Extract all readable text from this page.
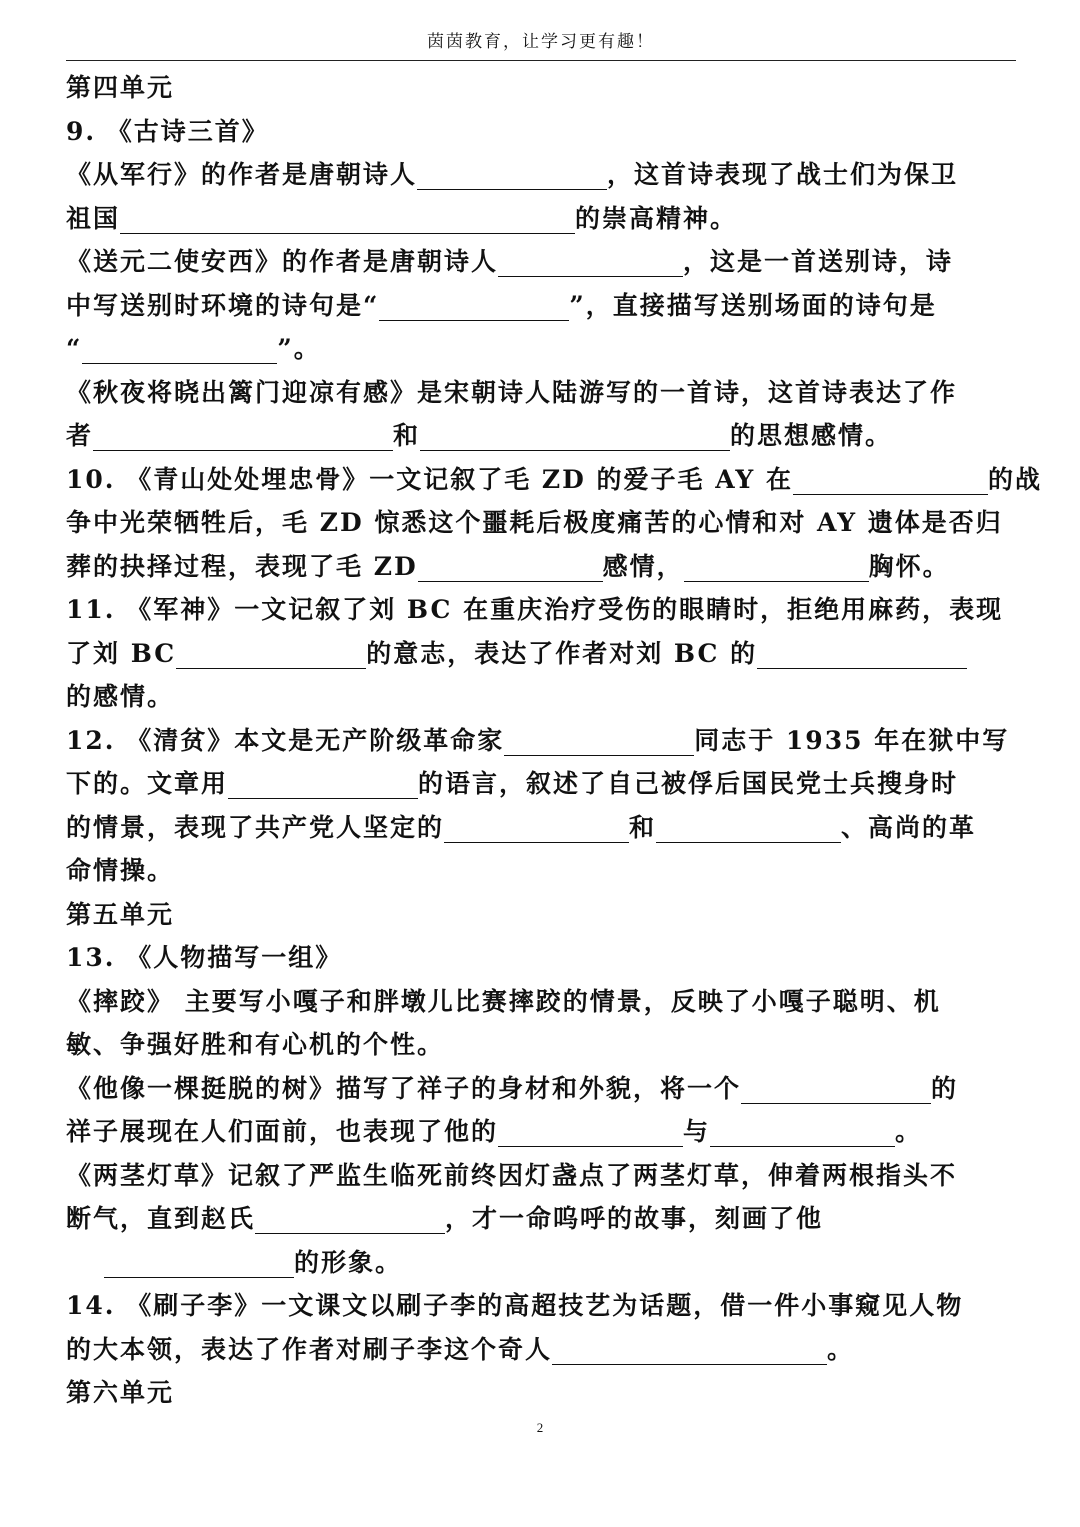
茵茵教育，让学习更有趣！

第四单元

9. 《古诗三首》

《从军行》的作者是唐朝诗人	，这首诗表现了战士们为保卫

祖国	的崇高精神。

《送元二使安西》的作者是唐朝诗人	，这是一首送别诗，诗

中写送别时环境的诗句是“	”，直接描写送别场面的诗句是

“	”。

《秋夜将晓出篱门迎凉有感》是宋朝诗人陆游写的一首诗，这首诗表达了作

者	和	的思想感情。

10. 《青山处处埋忠骨》一文记叙了毛 ZD 的爱子毛 AY 在	的战

争中光荣牺牲后，毛 ZD 惊悉这个噩耗后极度痛苦的心情和对 AY 遗体是否归

葬的抉择过程，表现了毛 ZD	感情，	胸怀。

11. 《军神》一文记叙了刘 BC 在重庆治疗受伤的眼睛时，拒绝用麻药，表现

了刘 BC	的意志，表达了作者对刘 BC 的

的感情。

12. 《清贫》本文是无产阶级革命家	同志于 1935 年在狱中写

下的。文章用	的语言，叙述了自己被俘后国民党士兵搜身时

的情景，表现了共产党人坚定的	和	、高尚的革

命情操。

第五单元

13. 《人物描写一组》

《摔跤》 主要写小嘎子和胖墩儿比赛摔跤的情景，反映了小嘎子聪明、机

敏、争强好胜和有心机的个性。

《他像一棵挺脱的树》描写了祥子的身材和外貌，将一个	的

祥子展现在人们面前，也表现了他的	与	。

《两茎灯草》记叙了严监生临死前终因灯盏点了两茎灯草，伸着两根指头不

断气，直到赵氏	，才一命呜呼的故事，刻画了他

的形象。

14. 《刷子李》一文课文以刷子李的高超技艺为话题，借一件小事窥见人物

的大本领，表达了作者对刷子李这个奇人	。

第六单元

2
